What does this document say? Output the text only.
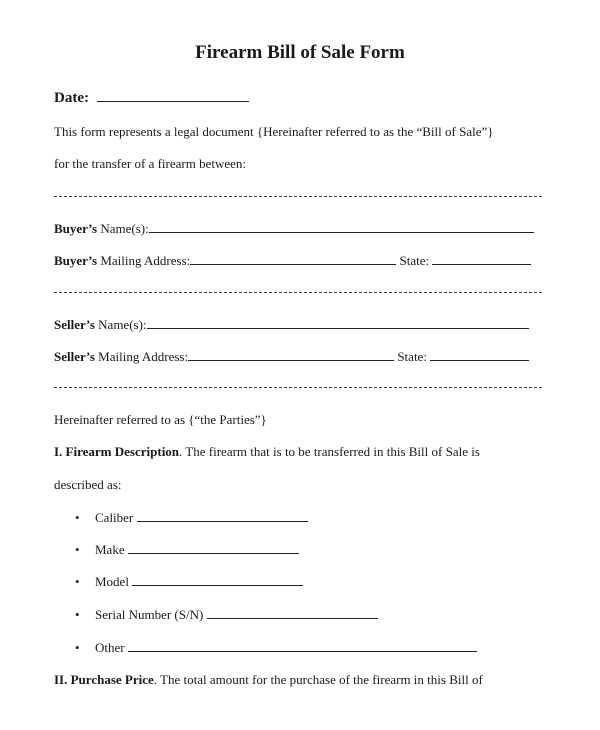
Firearm Bill of Sale Form
Date:
This form represents a legal document {Hereinafter referred to as the “Bill of Sale”}
for the transfer of a firearm between:
Buyer’s Name(s):
Buyer’s Mailing Address:	State:
Seller’s Name(s):
Seller’s Mailing Address:	State:
Hereinafter referred to as {“the Parties”}
I. Firearm Description. The firearm that is to be transferred in this Bill of Sale is
described as:
• Caliber
• Make
• Model
• Serial Number (S/N)
• Other
II. Purchase Price. The total amount for the purchase of the firearm in this Bill of
